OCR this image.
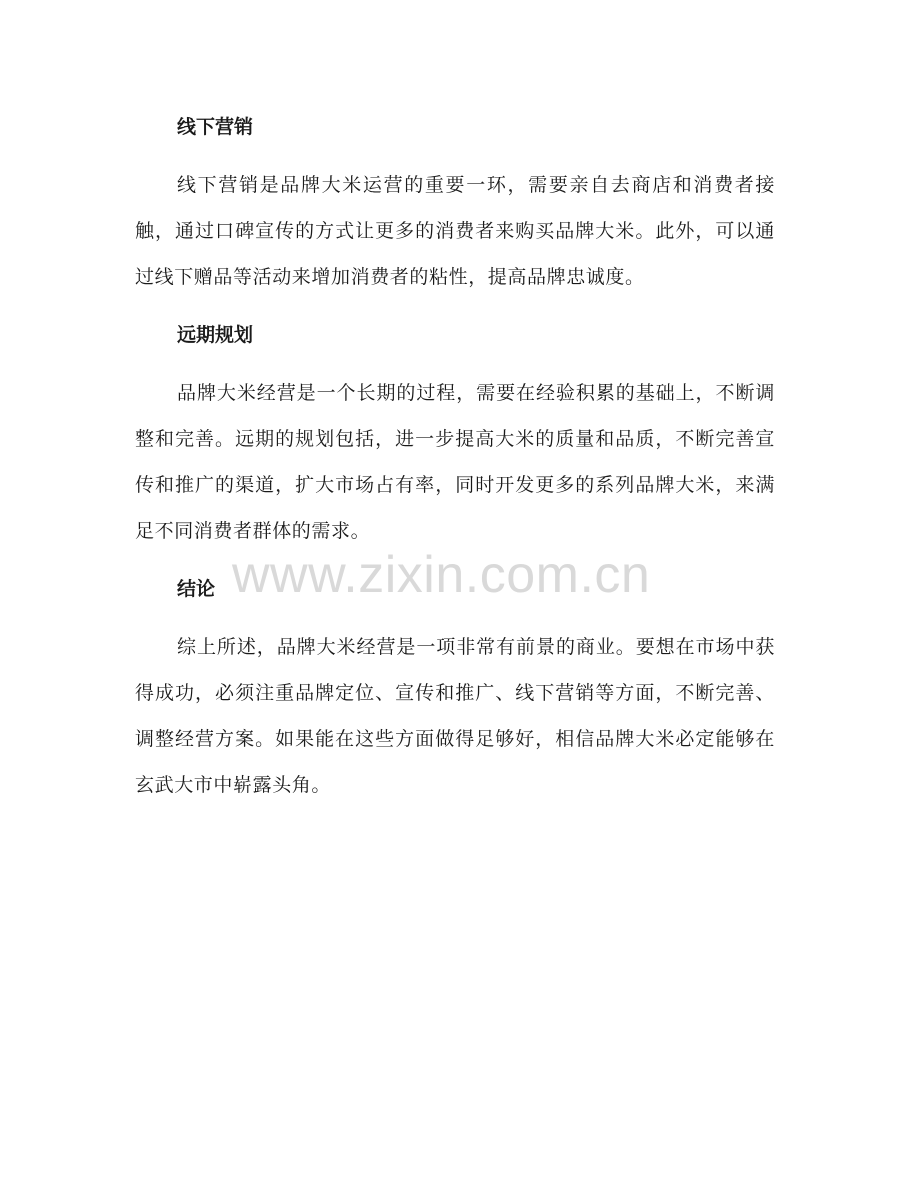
线下营销

线下营销是品牌大米运营的重要一环，需要亲自去商店和消费者接触，通过口碑宣传的方式让更多的消费者来购买品牌大米。此外，可以通过线下赠品等活动来增加消费者的粘性，提高品牌忠诚度。

远期规划

品牌大米经营是一个长期的过程，需要在经验积累的基础上，不断调整和完善。远期的规划包括，进一步提高大米的质量和品质，不断完善宣传和推广的渠道，扩大市场占有率，同时开发更多的系列品牌大米，来满足不同消费者群体的需求。

结论

综上所述，品牌大米经营是一项非常有前景的商业。要想在市场中获得成功，必须注重品牌定位、宣传和推广、线下营销等方面，不断完善、调整经营方案。如果能在这些方面做得足够好，相信品牌大米必定能够在玄武大市中崭露头角。

www.zixin.com.cn
